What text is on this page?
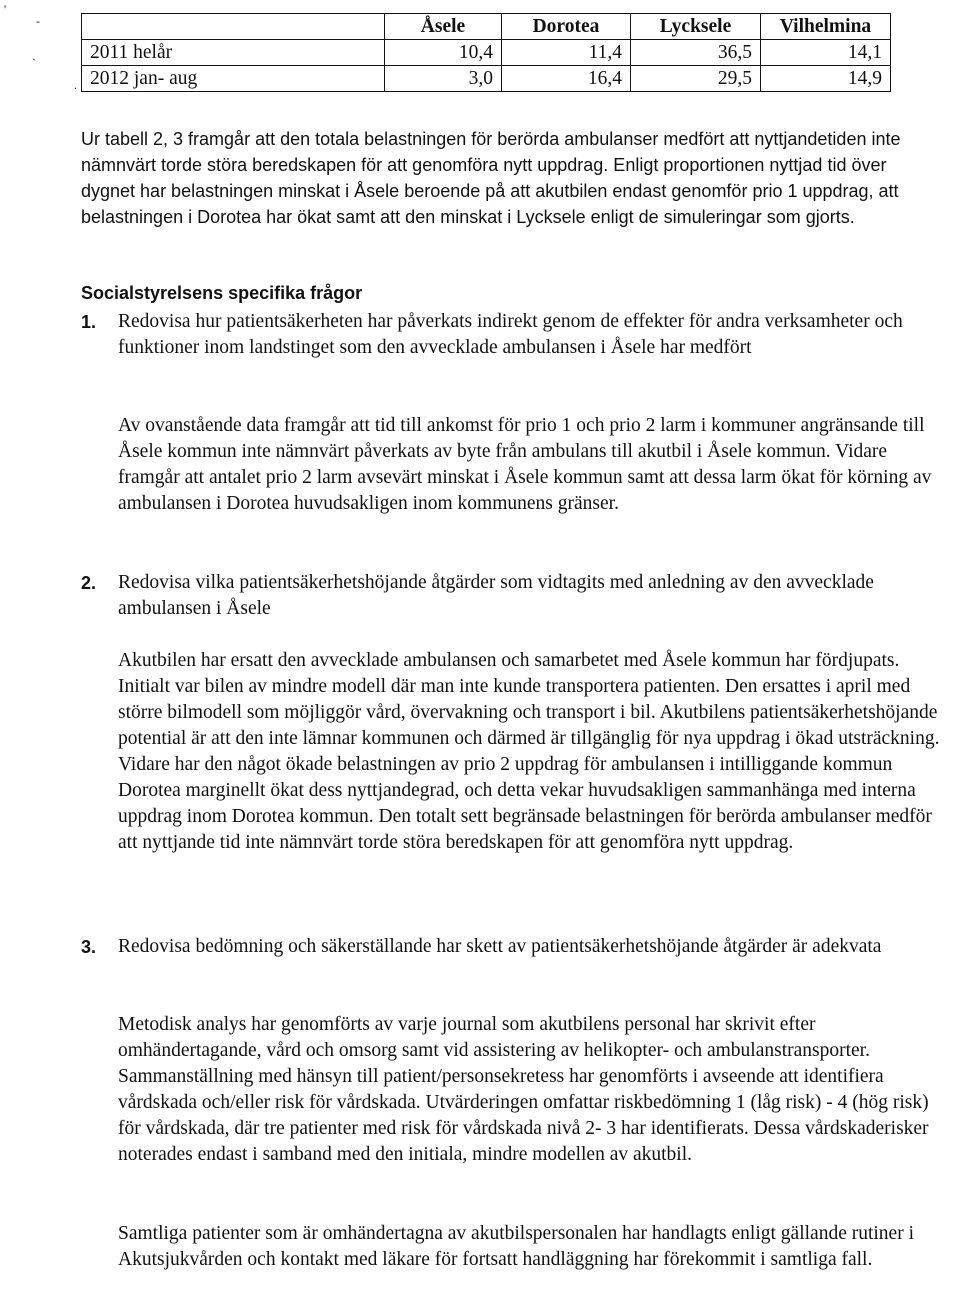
'
-
`
.
	Åsele	Dorotea	Lycksele	Vilhelmina
2011 helår	10,4	11,4	36,5	14,1
2012 jan- aug	3,0	16,4	29,5	14,9

Ur tabell 2, 3 framgår att den totala belastningen för berörda ambulanser medfört att nyttjandetiden inte nämnvärt torde störa beredskapen för att genomföra nytt uppdrag. Enligt proportionen nyttjad tid över dygnet har belastningen minskat i Åsele beroende på att akutbilen endast genomför prio 1 uppdrag, att belastningen i Dorotea har ökat samt att den minskat i Lycksele enligt de simuleringar som gjorts.

Socialstyrelsens specifika frågor
1. Redovisa hur patientsäkerheten har påverkats indirekt genom de effekter för andra verksamheter och funktioner inom landstinget som den avvecklade ambulansen i Åsele har medfört

Av ovanstående data framgår att tid till ankomst för prio 1 och prio 2 larm i kommuner angränsande till Åsele kommun inte nämnvärt påverkats av byte från ambulans till akutbil i Åsele kommun. Vidare framgår att antalet prio 2 larm avsevärt minskat i Åsele kommun samt att dessa larm ökat för körning av ambulansen i Dorotea huvudsakligen inom kommunens gränser.

2. Redovisa vilka patientsäkerhetshöjande åtgärder som vidtagits med anledning av den avvecklade ambulansen i Åsele

Akutbilen har ersatt den avvecklade ambulansen och samarbetet med Åsele kommun har fördjupats. Initialt var bilen av mindre modell där man inte kunde transportera patienten. Den ersattes i april med större bilmodell som möjliggör vård, övervakning och transport i bil. Akutbilens patientsäkerhetshöjande potential är att den inte lämnar kommunen och därmed är tillgänglig för nya uppdrag i ökad utsträckning. Vidare har den något ökade belastningen av prio 2 uppdrag för ambulansen i intilliggande kommun Dorotea marginellt ökat dess nyttjandegrad, och detta vekar huvudsakligen sammanhänga med interna uppdrag inom Dorotea kommun. Den totalt sett begränsade belastningen för berörda ambulanser medför att nyttjande tid inte nämnvärt torde störa beredskapen för att genomföra nytt uppdrag.

3. Redovisa bedömning och säkerställande har skett av patientsäkerhetshöjande åtgärder är adekvata

Metodisk analys har genomförts av varje journal som akutbilens personal har skrivit efter omhändertagande, vård och omsorg samt vid assistering av helikopter- och ambulanstransporter. Sammanställning med hänsyn till patient/personsekretess har genomförts i avseende att identifiera vårdskada och/eller risk för vårdskada. Utvärderingen omfattar riskbedömning 1 (låg risk) - 4 (hög risk) för vårdskada, där tre patienter med risk för vårdskada nivå 2- 3 har identifierats. Dessa vårdskaderisker noterades endast i samband med den initiala, mindre modellen av akutbil.

Samtliga patienter som är omhändertagna av akutbilspersonalen har handlagts enligt gällande rutiner i Akutsjukvården och kontakt med läkare för fortsatt handläggning har förekommit i samtliga fall.
